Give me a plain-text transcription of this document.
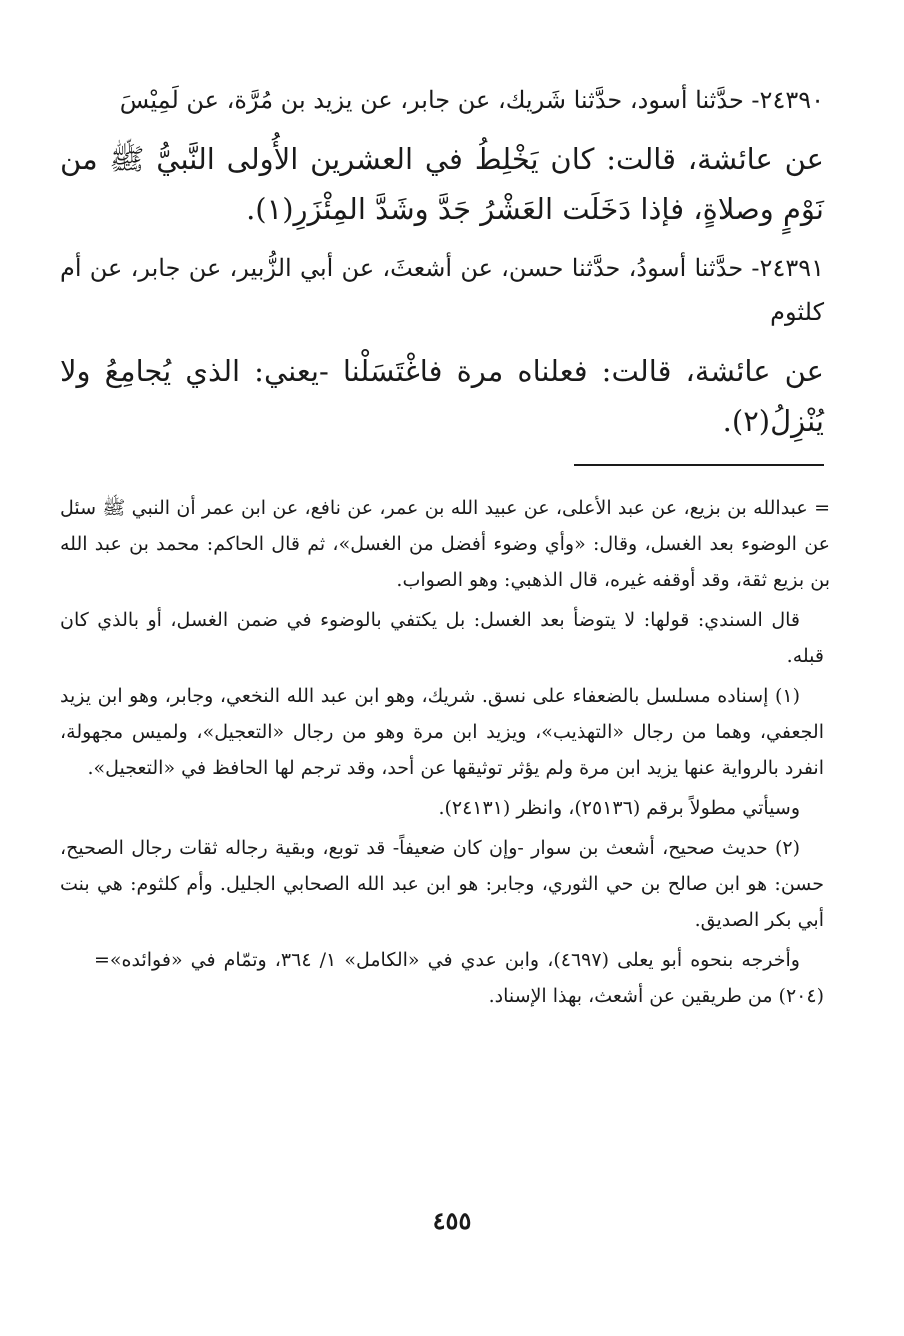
٢٤٣٩٠- حدَّثنا أسود، حدَّثنا شَريك، عن جابر، عن يزيد بن مُرَّة، عن لَمِيْسَ

عن عائشة، قالت: كان يَخْلِطُ في العشرين الأُولى النَّبيُّ ﷺ من نَوْمٍ وصلاةٍ، فإذا دَخَلَت العَشْرُ جَدَّ وشَدَّ المِئْزَرِ(١).

٢٤٣٩١- حدَّثنا أسودُ، حدَّثنا حسن، عن أشعثَ، عن أبي الزُّبير، عن جابر، عن أم كلثوم

عن عائشة، قالت: فعلناه مرة فاغْتَسَلْنا -يعني: الذي يُجامِعُ ولا يُنْزِلُ(٢).

= عبدالله بن بزيع، عن عبد الأعلى، عن عبيد الله بن عمر، عن نافع، عن ابن عمر أن النبي ﷺ سئل عن الوضوء بعد الغسل، وقال: «وأي وضوء أفضل من الغسل»، ثم قال الحاكم: محمد بن عبد الله بن بزيع ثقة، وقد أوقفه غيره، قال الذهبي: وهو الصواب.

قال السندي: قولها: لا يتوضأ بعد الغسل: بل يكتفي بالوضوء في ضمن الغسل، أو بالذي كان قبله.

(١) إسناده مسلسل بالضعفاء على نسق. شريك، وهو ابن عبد الله النخعي، وجابر، وهو ابن يزيد الجعفي، وهما من رجال «التهذيب»، ويزيد ابن مرة وهو من رجال «التعجيل»، ولميس مجهولة، انفرد بالرواية عنها يزيد ابن مرة ولم يؤثر توثيقها عن أحد، وقد ترجم لها الحافظ في «التعجيل».

وسيأتي مطولاً برقم (٢٥١٣٦)، وانظر (٢٤١٣١).

(٢) حديث صحيح، أشعث بن سوار -وإن كان ضعيفاً- قد توبع، وبقية رجاله ثقات رجال الصحيح، حسن: هو ابن صالح بن حي الثوري، وجابر: هو ابن عبد الله الصحابي الجليل. وأم كلثوم: هي بنت أبي بكر الصديق.

= وأخرجه بنحوه أبو يعلى (٤٦٩٧)، وابن عدي في «الكامل» ١/ ٣٦٤، وتمّام في «فوائده» (٢٠٤) من طريقين عن أشعث، بهذا الإسناد.

٤٥٥
